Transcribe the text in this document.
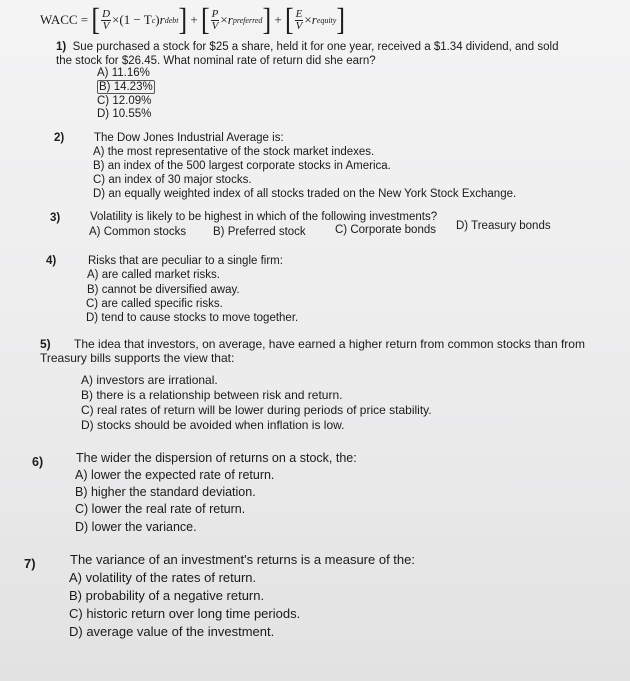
WACC =
[ $\frac{D}{V} \times (1 - T$ c ) r debt ]
+
[ $\frac{P}{V} \times r$ preferred ]
+
[ $\frac{E}{V} \times r$ equity ]
1) Sue purchased a stock for $25 a share, held it for one year, received a $1.34 dividend, and sold
the stock for $26.45. What nominal rate of return did she earn?
A) 11.16%
B) 14.23%
C) 12.09%
D) 10.55%
2)	The Dow Jones Industrial Average is:
A) the most representative of the stock market indexes.
B) an index of the 500 largest corporate stocks in America.
C) an index of 30 major stocks.
D) an equally weighted index of all stocks traded on the New York Stock Exchange.
3)	Volatility is likely to be highest in which of the following investments?
A) Common stocks B) Preferred stock	C) Corporate bonds D) Treasury bonds
4)	Risks that are peculiar to a single firm:
A) are called market risks.
B) cannot be diversified away.
C) are called specific risks.
D) tend to cause stocks to move together.
5) The idea that investors, on average, have earned a higher return from common stocks than from
Treasury bills supports the view that:
A) investors are irrational.
B) there is a relationship between risk and return.
C) real rates of return will be lower during periods of price stability.
D) stocks should be avoided when inflation is low.
6)	The wider the dispersion of returns on a stock, the:
A) lower the expected rate of return.
B) higher the standard deviation.
C) lower the real rate of return.
D) lower the variance.
7)	The variance of an investment's returns is a measure of the:
A) volatility of the rates of return.
B) probability of a negative return.
C) historic return over long time periods.
D) average value of the investment.
